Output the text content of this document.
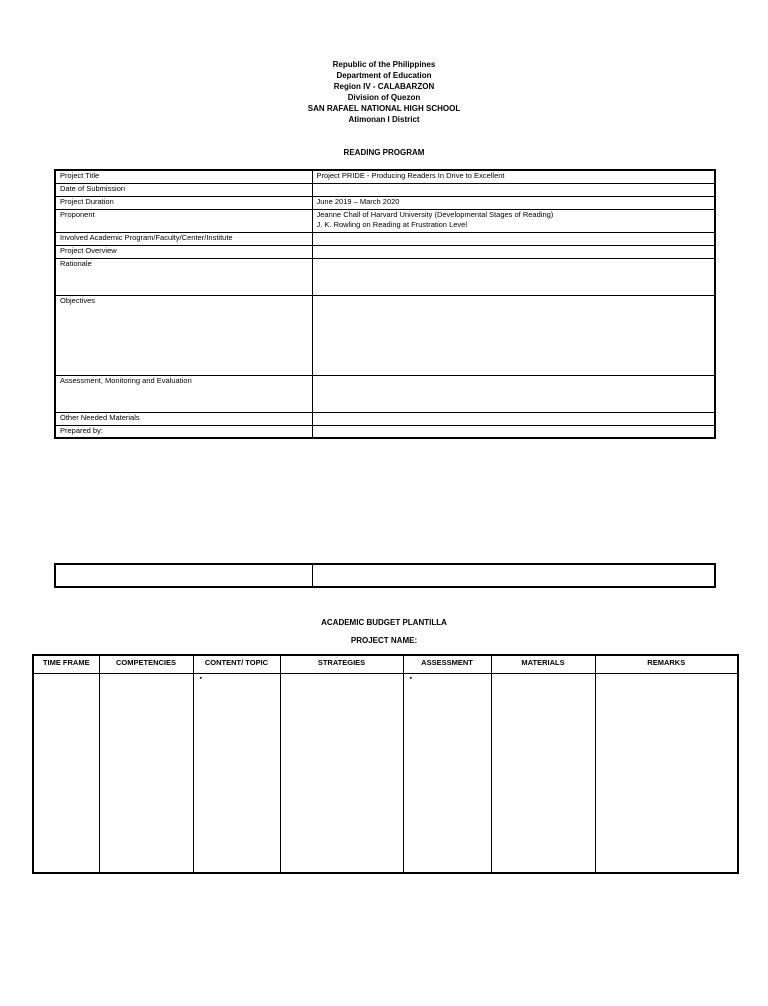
Republic of the Philippines
Department of Education
Region IV - CALABARZON
Division of Quezon
SAN RAFAEL NATIONAL HIGH SCHOOL
Atimonan I District
READING PROGRAM
Project Title	Project PRIDE - Producing Readers In Drive to Excellent
Date of Submission	
Project Duration	June 2019 – March 2020
Proponent	Jeanne Chall of Harvard University (Developmental Stages of Reading)
J. K. Rowling on Reading at Frustration Level

Involved Academic Program/Faculty/Center/Institute	
Project Overview	
Rationale	
Objectives	
Assessment, Monitoring and Evaluation	
Other Needed Materials	
Prepared by:	

ACADEMIC BUDGET PLANTILLA
PROJECT NAME:
TIME FRAME	COMPETENCIES	CONTENT/ TOPIC	STRATEGIES	ASSESSMENT	MATERIALS	REMARKS

		▪		▪		
